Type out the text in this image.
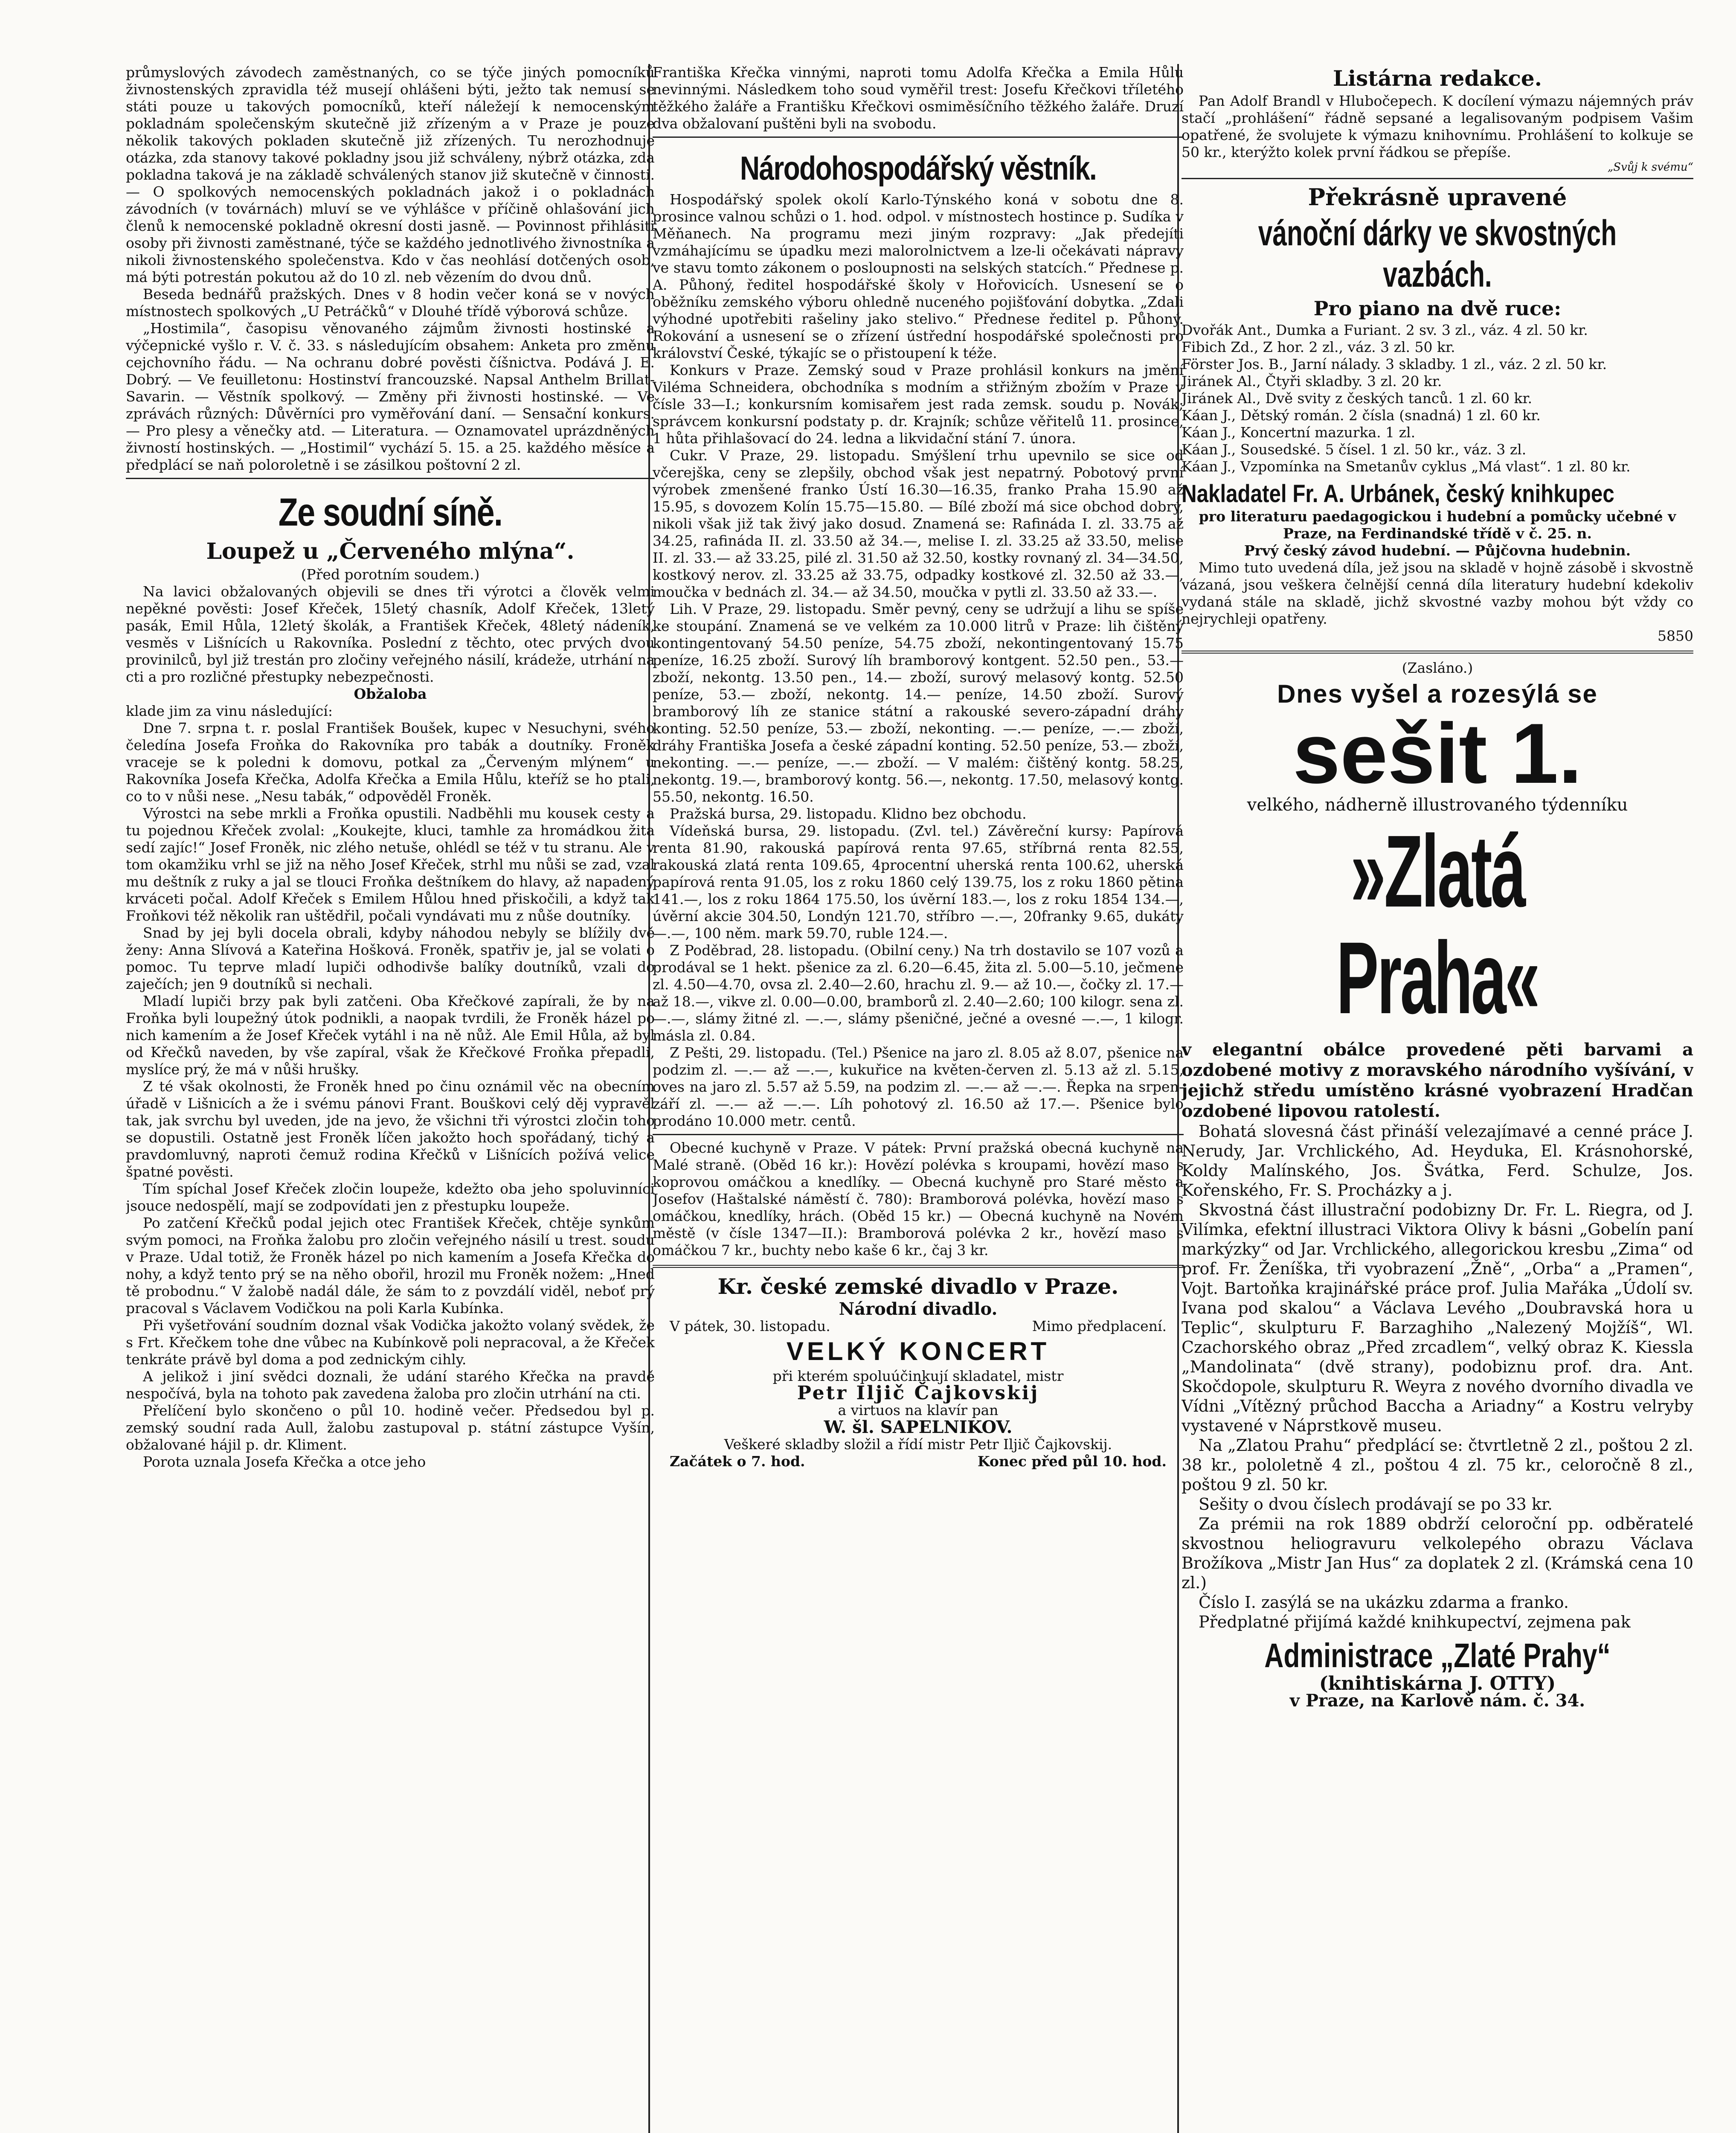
průmyslových závodech zaměstnaných, co se týče jiných pomocníků živnostenských zpravidla též musejí ohlášeni býti, ježto tak nemusí se státi pouze u takových pomocníků, kteří náležejí k nemocenským pokladnám společenským skutečně již zřízeným a v Praze je pouze několik takových pokladen skutečně již zřízených. Tu nerozhodnuje otázka, zda stanovy takové pokladny jsou již schváleny, nýbrž otázka, zda pokladna taková je na základě schválených stanov již skutečně v činnosti. — O spolkových nemocenských pokladnách jakož i o pokladnách závodních (v továrnách) mluví se ve výhlášce v příčině ohlašování jich členů k nemocenské pokladně okresní dosti jasně. — Povinnost přihlásiti osoby při živnosti zaměstnané, týče se každého jednotlivého živnostníka a nikoli živnostenského společenstva. Kdo v čas neohlásí dotčených osob, má býti potrestán pokutou až do 10 zl. neb vězením do dvou dnů.

Beseda bednářů pražských. Dnes v 8 hodin večer koná se v nových místnostech spolkových „U Petráčků“ v Dlouhé třídě výborová schůze.

„Hostimila“, časopisu věnovaného zájmům živnosti hostinské a výčepnické vyšlo r. V. č. 33. s následujícím obsahem: Anketa pro změnu cejchovního řádu. — Na ochranu dobré pověsti číšnictva. Podává J. E. Dobrý. — Ve feuilletonu: Hostinství francouzské. Napsal Anthelm Brillat-Savarin. — Věstník spolkový. — Změny při živnosti hostinské. — Ve zprávách různých: Důvěrníci pro vyměřování daní. — Sensační konkurs. — Pro plesy a věnečky atd. — Literatura. — Oznamovatel uprázdněných živností hostinských. — „Hostimil“ vychází 5. 15. a 25. každého měsíce a předplácí se naň poloroletně i se zásilkou poštovní 2 zl.

Ze soudní síně.
Loupež u „Červeného mlýna“.
(Před porotním soudem.)

Na lavici obžalovaných objevili se dnes tři výrotci a člověk velmi nepěkné pověsti: Josef Křeček, 15letý chasník, Adolf Křeček, 13letý pasák, Emil Hůla, 12letý školák, a František Křeček, 48letý nádeník, vesměs v Lišnících u Rakovníka. Poslední z těchto, otec prvých dvou provinilců, byl již trestán pro zločiny veřejného násilí, krádeže, utrhání na cti a pro rozličné přestupky nebezpečnosti.

Obžaloba

klade jim za vinu následující:

Dne 7. srpna t. r. poslal František Boušek, kupec v Nesuchyni, svého čeledína Josefa Froňka do Rakovníka pro tabák a doutníky. Froněk vraceje se k poledni k domovu, potkal za „Červeným mlýnem“ u Rakovníka Josefa Křečka, Adolfa Křečka a Emila Hůlu, kteříž se ho ptali, co to v nůši nese. „Nesu tabák,“ odpověděl Froněk.

Výrostci na sebe mrkli a Froňka opustili. Nadběhli mu kousek cesty a tu pojednou Křeček zvolal: „Koukejte, kluci, tamhle za hromádkou žita sedí zajíc!“ Josef Froněk, nic zlého netuše, ohlédl se též v tu stranu. Ale v tom okamžiku vrhl se již na něho Josef Křeček, strhl mu nůši se zad, vzal mu deštník z ruky a jal se tlouci Froňka deštníkem do hlavy, až napadený krváceti počal. Adolf Křeček s Emilem Hůlou hned přiskočili, a když tak Froňkovi též několik ran uštědřil, počali vyndávati mu z nůše doutníky.

Snad by jej byli docela obrali, kdyby náhodou nebyly se blížily dvě ženy: Anna Slívová a Kateřina Hošková. Froněk, spatřiv je, jal se volati o pomoc. Tu teprve mladí lupiči odhodivše balíky doutníků, vzali do zaječích; jen 9 doutníků si nechali.

Mladí lupiči brzy pak byli zatčeni. Oba Křečkové zapírali, že by na Froňka byli loupežný útok podnikli, a naopak tvrdili, že Froněk házel po nich kamením a že Josef Křeček vytáhl i na ně nůž. Ale Emil Hůla, až byl od Křečků naveden, by vše zapíral, však že Křečkové Froňka přepadli, myslíce prý, že má v nůši hrušky.

Z té však okolnosti, že Froněk hned po činu oznámil věc na obecním úřadě v Lišnicích a že i svému pánovi Frant. Bouškovi celý děj vypravěl tak, jak svrchu byl uveden, jde na jevo, že všichni tři výrostci zločin toho se dopustili. Ostatně jest Froněk líčen jakožto hoch spořádaný, tichý a pravdomluvný, naproti čemuž rodina Křečků v Lišnících požívá velice špatné pověsti.

Tím spíchal Josef Křeček zločin loupeže, kdežto oba jeho spoluvinníci jsouce nedospělí, mají se zodpovídati jen z přestupku loupeže.

Po zatčení Křečků podal jejich otec František Křeček, chtěje synkům svým pomoci, na Froňka žalobu pro zločin veřejného násilí u trest. soudu v Praze. Udal totiž, že Froněk házel po nich kamením a Josefa Křečka do nohy, a když tento prý se na něho obořil, hrozil mu Froněk nožem: „Hned tě probodnu.“ V žalobě nadál dále, že sám to z povzdálí viděl, neboť prý pracoval s Václavem Vodičkou na poli Karla Kubínka.

Při vyšetřování soudním doznal však Vodička jakožto volaný svědek, že s Frt. Křečkem tohe dne vůbec na Kubínkově poli nepracoval, a že Křeček tenkráte právě byl doma a pod zednickým cihly.

A jelikož i jiní svědci doznali, že udání starého Křečka na pravdě nespočívá, byla na tohoto pak zavedena žaloba pro zločin utrhání na cti.

Přelíčení bylo skončeno o půl 10. hodině večer. Předsedou byl p. zemský soudní rada Aull, žalobu zastupoval p. státní zástupce Vyšín, obžalované hájil p. dr. Kliment.

Porota uznala Josefa Křečka a otce jeho

Františka Křečka vinnými, naproti tomu Adolfa Křečka a Emila Hůlu nevinnými. Následkem toho soud vyměřil trest: Josefu Křečkovi tříletého těžkého žaláře a Františku Křečkovi osmiměsíčního těžkého žaláře. Druzí dva obžalovaní puštěni byli na svobodu.

Národohospodářský věstník.

Hospodářský spolek okolí Karlo-Týnského koná v sobotu dne 8. prosince valnou schůzi o 1. hod. odpol. v místnostech hostince p. Sudíka v Měňanech. Na programu mezi jiným rozpravy: „Jak předejíti vzmáhajícímu se úpadku mezi malorolnictvem a lze-li očekávati nápravy ve stavu tomto zákonem o posloupnosti na selských statcích.“ Přednese p. A. Půhoný, ředitel hospodářské školy v Hořovicích. Usnesení se o oběžníku zemského výboru ohledně nuceného pojišťování dobytka. „Zdali výhodné upotřebiti rašeliny jako stelivo.“ Přednese ředitel p. Půhoný. Rokování a usnesení se o zřízení ústřední hospodářské společnosti pro království České, týkajíc se o přistoupení k téže.

Konkurs v Praze. Zemský soud v Praze prohlásil konkurs na jmění Viléma Schneidera, obchodníka s modním a střižným zbožím v Praze v čísle 33—I.; konkursním komisařem jest rada zemsk. soudu p. Novák; správcem konkursní podstaty p. dr. Krajník; schůze věřitelů 11. prosince, 1 hůta přihlašovací do 24. ledna a likvidační stání 7. února.

Cukr. V Praze, 29. listopadu. Smýšlení trhu upevnilo se sice od včerejška, ceny se zlepšily, obchod však jest nepatrný. Pobotový první výrobek zmenšené franko Ústí 16.30—16.35, franko Praha 15.90 až 15.95, s dovozem Kolín 15.75—15.80. — Bílé zboží má sice obchod dobrý, nikoli však již tak živý jako dosud. Znamená se: Rafináda I. zl. 33.75 až 34.25, rafináda II. zl. 33.50 až 34.—, melise I. zl. 33.25 až 33.50, melise II. zl. 33.— až 33.25, pilé zl. 31.50 až 32.50, kostky rovnaný zl. 34—34.50, kostkový nerov. zl. 33.25 až 33.75, odpadky kostkové zl. 32.50 až 33.—, moučka v bednách zl. 34.— až 34.50, moučka v pytli zl. 33.50 až 33.—.

Lih. V Praze, 29. listopadu. Směr pevný, ceny se udržují a lihu se spíše ke stoupání. Znamená se ve velkém za 10.000 litrů v Praze: lih čištěný kontingentovaný 54.50 peníze, 54.75 zboží, nekontingentovaný 15.75 peníze, 16.25 zboží. Surový líh bramborový kontgent. 52.50 pen., 53.— zboží, nekontg. 13.50 pen., 14.— zboží, surový melasový kontg. 52.50 peníze, 53.— zboží, nekontg. 14.— peníze, 14.50 zboží. Surový bramborový líh ze stanice státní a rakouské severo-západní dráhy konting. 52.50 peníze, 53.— zboží, nekonting. —.— peníze, —.— zboží, dráhy Františka Josefa a české západní konting. 52.50 peníze, 53.— zboží, nekonting. —.— peníze, —.— zboží. — V malém: čištěný kontg. 58.25, nekontg. 19.—, bramborový kontg. 56.—, nekontg. 17.50, melasový kontg. 55.50, nekontg. 16.50.

Pražská bursa, 29. listopadu. Klidno bez obchodu.

Vídeňská bursa, 29. listopadu. (Zvl. tel.) Závěreční kursy: Papírová renta 81.90, rakouská papírová renta 97.65, stříbrná renta 82.55, rakouská zlatá renta 109.65, 4procentní uherská renta 100.62, uherská papírová renta 91.05, los z roku 1860 celý 139.75, los z roku 1860 pětina 141.—, los z roku 1864 175.50, los úvěrní 183.—, los z roku 1854 134.—, úvěrní akcie 304.50, Londýn 121.70, stříbro —.—, 20franky 9.65, dukáty —.—, 100 něm. mark 59.70, ruble 124.—.

Z Poděbrad, 28. listopadu. (Obilní ceny.) Na trh dostavilo se 107 vozů a prodával se 1 hekt. pšenice za zl. 6.20—6.45, žita zl. 5.00—5.10, ječmene zl. 4.50—4.70, ovsa zl. 2.40—2.60, hrachu zl. 9.— až 10.—, čočky zl. 17.— až 18.—, vikve zl. 0.00—0.00, bramborů zl. 2.40—2.60; 100 kilogr. sena zl. —.—, slámy žitné zl. —.—, slámy pšeničné, ječné a ovesné —.—, 1 kilogr. másla zl. 0.84.

Z Pešti, 29. listopadu. (Tel.) Pšenice na jaro zl. 8.05 až 8.07, pšenice na podzim zl. —.— až —.—, kukuřice na květen-červen zl. 5.13 až zl. 5.15, oves na jaro zl. 5.57 až 5.59, na podzim zl. —.— až —.—. Řepka na srpen-září zl. —.— až —.—. Líh pohotový zl. 16.50 až 17.—. Pšenice bylo prodáno 10.000 metr. centů.

Obecné kuchyně v Praze. V pátek: První pražská obecná kuchyně na Malé straně. (Oběd 16 kr.): Hovězí polévka s kroupami, hovězí maso s koprovou omáčkou a knedlíky. — Obecná kuchyně pro Staré město a Josefov (Haštalské náměstí č. 780): Bramborová polévka, hovězí maso s omáčkou, knedlíky, hrách. (Oběd 15 kr.) — Obecná kuchyně na Novém městě (v čísle 1347—II.): Bramborová polévka 2 kr., hovězí maso s omáčkou 7 kr., buchty nebo kaše 6 kr., čaj 3 kr.

Kr. české zemské divadlo v Praze.
Národní divadlo.
V pátek, 30. listopadu.	Mimo předplacení.
VELKÝ KONCERT
při kterém spoluúčinkují skladatel, mistr
Petr Iljič Čajkovskij
a virtuos na klavír pan
W. šl. SAPELNIKOV.
Veškeré skladby složil a řídí mistr Petr Iljič Čajkovskij.
Začátek o 7. hod.	Konec před půl 10. hod.
Listárna redakce.

Pan Adolf Brandl v Hlubočepech. K docílení výmazu nájemných práv stačí „prohlášení“ řádně sepsané a legalisovaným podpisem Vašim opatřené, že svolujete k výmazu knihovnímu. Prohlášení to kolkuje se 50 kr., kterýžto kolek první řádkou se přepíše.

„Svůj k svému“

Překrásně upravené
vánoční dárky ve skvostných vazbách.
Pro piano na dvě ruce:

Dvořák Ant., Dumka a Furiant. 2 sv. 3 zl., váz. 4 zl. 50 kr.

Fibich Zd., Z hor. 2 zl., váz. 3 zl. 50 kr.

Förster Jos. B., Jarní nálady. 3 skladby. 1 zl., váz. 2 zl. 50 kr.

Jiránek Al., Čtyři skladby. 3 zl. 20 kr.

Jiránek Al., Dvě svity z českých tanců. 1 zl. 60 kr.

Káan J., Dětský román. 2 čísla (snadná) 1 zl. 60 kr.

Káan J., Koncertní mazurka. 1 zl.

Káan J., Sousedské. 5 čísel. 1 zl. 50 kr., váz. 3 zl.

Káan J., Vzpomínka na Smetanův cyklus „Má vlast“. 1 zl. 80 kr.

Nakladatel Fr. A. Urbánek, český knihkupec
pro literaturu paedagogickou i hudební a pomůcky učebné v Praze, na Ferdinandské třídě v č. 25. n.
Prvý český závod hudební. — Půjčovna hudebnin.

Mimo tuto uvedená díla, jež jsou na skladě v hojně zásobě i skvostně vázaná, jsou veškera čelnější cenná díla literatury hudební kdekoliv vydaná stále na skladě, jichž skvostné vazby mohou být vždy co nejrychleji opatřeny.

5850
(Zasláno.)
Dnes vyšel a rozesýlá se
sešit 1.
velkého, nádherně illustrovaného týdenníku
»Zlatá Praha«

v elegantní obálce provedené pěti barvami a ozdobené motivy z moravského národního vyšívání, v jejichž středu umístěno krásné vyobrazení Hradčan ozdobené lipovou ratolestí.

Bohatá slovesná část přináší velezajímavé a cenné práce J. Nerudy, Jar. Vrchlického, Ad. Heyduka, El. Krásnohorské, Koldy Malínského, Jos. Švátka, Ferd. Schulze, Jos. Kořenského, Fr. S. Procházky a j.

Skvostná část illustrační podobizny Dr. Fr. L. Riegra, od J. Vilímka, efektní illustraci Viktora Olivy k básni „Gobelín paní markýzky“ od Jar. Vrchlického, allegorickou kresbu „Zima“ od prof. Fr. Ženíška, tři vyobrazení „Žně“, „Orba“ a „Pramen“, Vojt. Bartoňka krajinářské práce prof. Julia Mařáka „Údolí sv. Ivana pod skalou“ a Václava Levého „Doubravská hora u Teplic“, skulpturu F. Barzaghiho „Nalezený Mojžíš“, Wl. Czachorského obraz „Před zrcadlem“, velký obraz K. Kiessla „Mandolinata“ (dvě strany), podobiznu prof. dra. Ant. Skočdopole, skulpturu R. Weyra z nového dvorního divadla ve Vídni „Vítězný průchod Baccha a Ariadny“ a Kostru velryby vystavené v Náprstkově museu.

Na „Zlatou Prahu“ předplácí se: čtvrtletně 2 zl., poštou 2 zl. 38 kr., pololetně 4 zl., poštou 4 zl. 75 kr., celoročně 8 zl., poštou 9 zl. 50 kr.

Sešity o dvou číslech prodávají se po 33 kr.

Za prémii na rok 1889 obdrží celoroční pp. odběratelé skvostnou heliogravuru velkolepého obrazu Václava Brožíkova „Mistr Jan Hus“ za doplatek 2 zl. (Krámská cena 10 zl.)

Číslo I. zasýlá se na ukázku zdarma a franko.

Předplatné přijímá každé knihkupectví, zejmena pak

Administrace „Zlaté Prahy“
(knihtiskárna J. OTTY)
v Praze, na Karlově nám. č. 34.
